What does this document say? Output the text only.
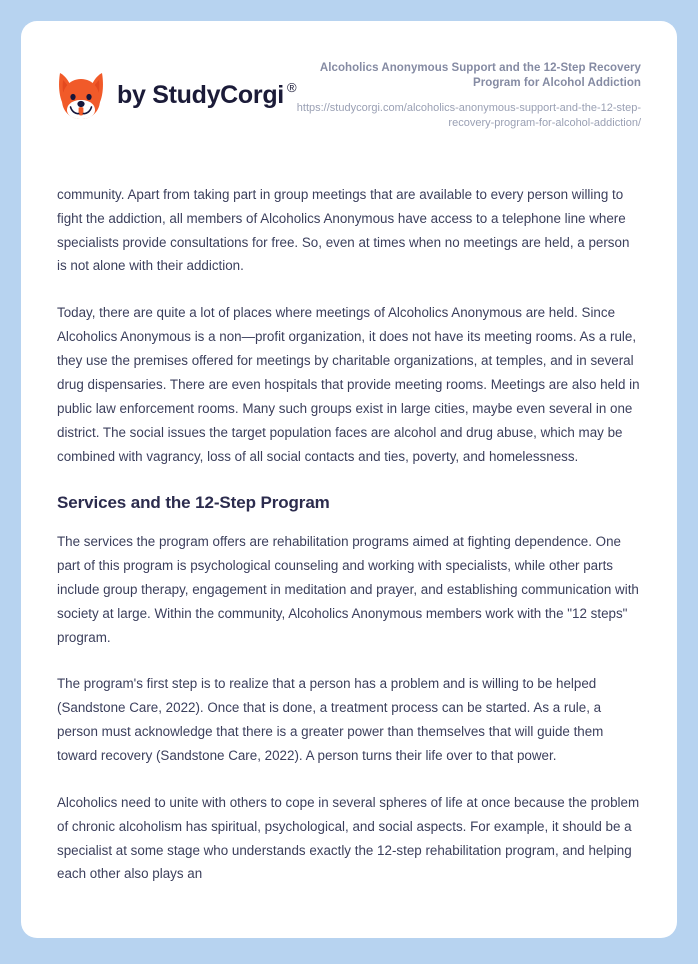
by StudyCorgi ®
Alcoholics Anonymous Support and the 12-Step Recovery Program for Alcohol Addiction
https://studycorgi.com/alcoholics-anonymous-support-and-the-12-step-recovery-program-for-alcohol-addiction/

community. Apart from taking part in group meetings that are available to every person willing to fight the addiction, all members of Alcoholics Anonymous have access to a telephone line where specialists provide consultations for free. So, even at times when no meetings are held, a person is not alone with their addiction.

Today, there are quite a lot of places where meetings of Alcoholics Anonymous are held. Since Alcoholics Anonymous is a non—profit organization, it does not have its meeting rooms. As a rule, they use the premises offered for meetings by charitable organizations, at temples, and in several drug dispensaries. There are even hospitals that provide meeting rooms. Meetings are also held in public law enforcement rooms. Many such groups exist in large cities, maybe even several in one district. The social issues the target population faces are alcohol and drug abuse, which may be combined with vagrancy, loss of all social contacts and ties, poverty, and homelessness.

Services and the 12-Step Program

The services the program offers are rehabilitation programs aimed at fighting dependence. One part of this program is psychological counseling and working with specialists, while other parts include group therapy, engagement in meditation and prayer, and establishing communication with society at large. Within the community, Alcoholics Anonymous members work with the "12 steps" program.

The program's first step is to realize that a person has a problem and is willing to be helped (Sandstone Care, 2022). Once that is done, a treatment process can be started. As a rule, a person must acknowledge that there is a greater power than themselves that will guide them toward recovery (Sandstone Care, 2022). A person turns their life over to that power.

Alcoholics need to unite with others to cope in several spheres of life at once because the problem of chronic alcoholism has spiritual, psychological, and social aspects. For example, it should be a specialist at some stage who understands exactly the 12-step rehabilitation program, and helping each other also plays an
